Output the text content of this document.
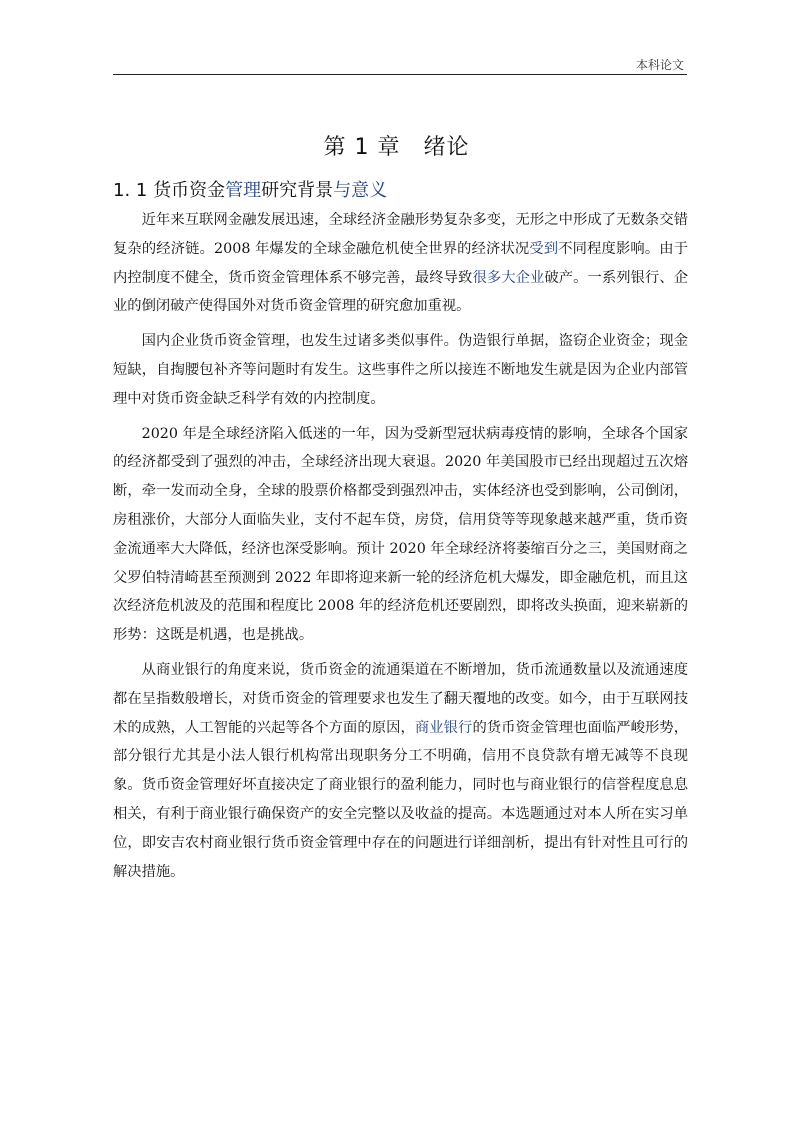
本科论文
第 1 章　绪论
1. 1 货币资金管理研究背景与意义

近年来互联网金融发展迅速，全球经济金融形势复杂多变，无形之中形成了无数条交错复杂的经济链。2008 年爆发的全球金融危机使全世界的经济状况受到不同程度影响。由于内控制度不健全，货币资金管理体系不够完善，最终导致很多大企业破产。一系列银行、企业的倒闭破产使得国外对货币资金管理的研究愈加重视。

国内企业货币资金管理，也发生过诸多类似事件。伪造银行单据，盗窃企业资金；现金短缺，自掏腰包补齐等问题时有发生。这些事件之所以接连不断地发生就是因为企业内部管理中对货币资金缺乏科学有效的内控制度。

2020 年是全球经济陷入低迷的一年，因为受新型冠状病毒疫情的影响，全球各个国家的经济都受到了强烈的冲击，全球经济出现大衰退。2020 年美国股市已经出现超过五次熔断，牵一发而动全身，全球的股票价格都受到强烈冲击，实体经济也受到影响，公司倒闭，房租涨价，大部分人面临失业，支付不起车贷，房贷，信用贷等等现象越来越严重，货币资金流通率大大降低，经济也深受影响。预计 2020 年全球经济将萎缩百分之三，美国财商之父罗伯特清崎甚至预测到 2022 年即将迎来新一轮的经济危机大爆发，即金融危机，而且这次经济危机波及的范围和程度比 2008 年的经济危机还要剧烈，即将改头换面，迎来崭新的形势：这既是机遇，也是挑战。

从商业银行的角度来说，货币资金的流通渠道在不断增加，货币流通数量以及流通速度都在呈指数般增长，对货币资金的管理要求也发生了翻天覆地的改变。如今，由于互联网技术的成熟，人工智能的兴起等各个方面的原因，商业银行的货币资金管理也面临严峻形势，部分银行尤其是小法人银行机构常出现职务分工不明确，信用不良贷款有增无减等不良现象。货币资金管理好坏直接决定了商业银行的盈利能力，同时也与商业银行的信誉程度息息相关，有利于商业银行确保资产的安全完整以及收益的提高。本选题通过对本人所在实习单位，即安吉农村商业银行货币资金管理中存在的问题进行详细剖析，提出有针对性且可行的解决措施。
